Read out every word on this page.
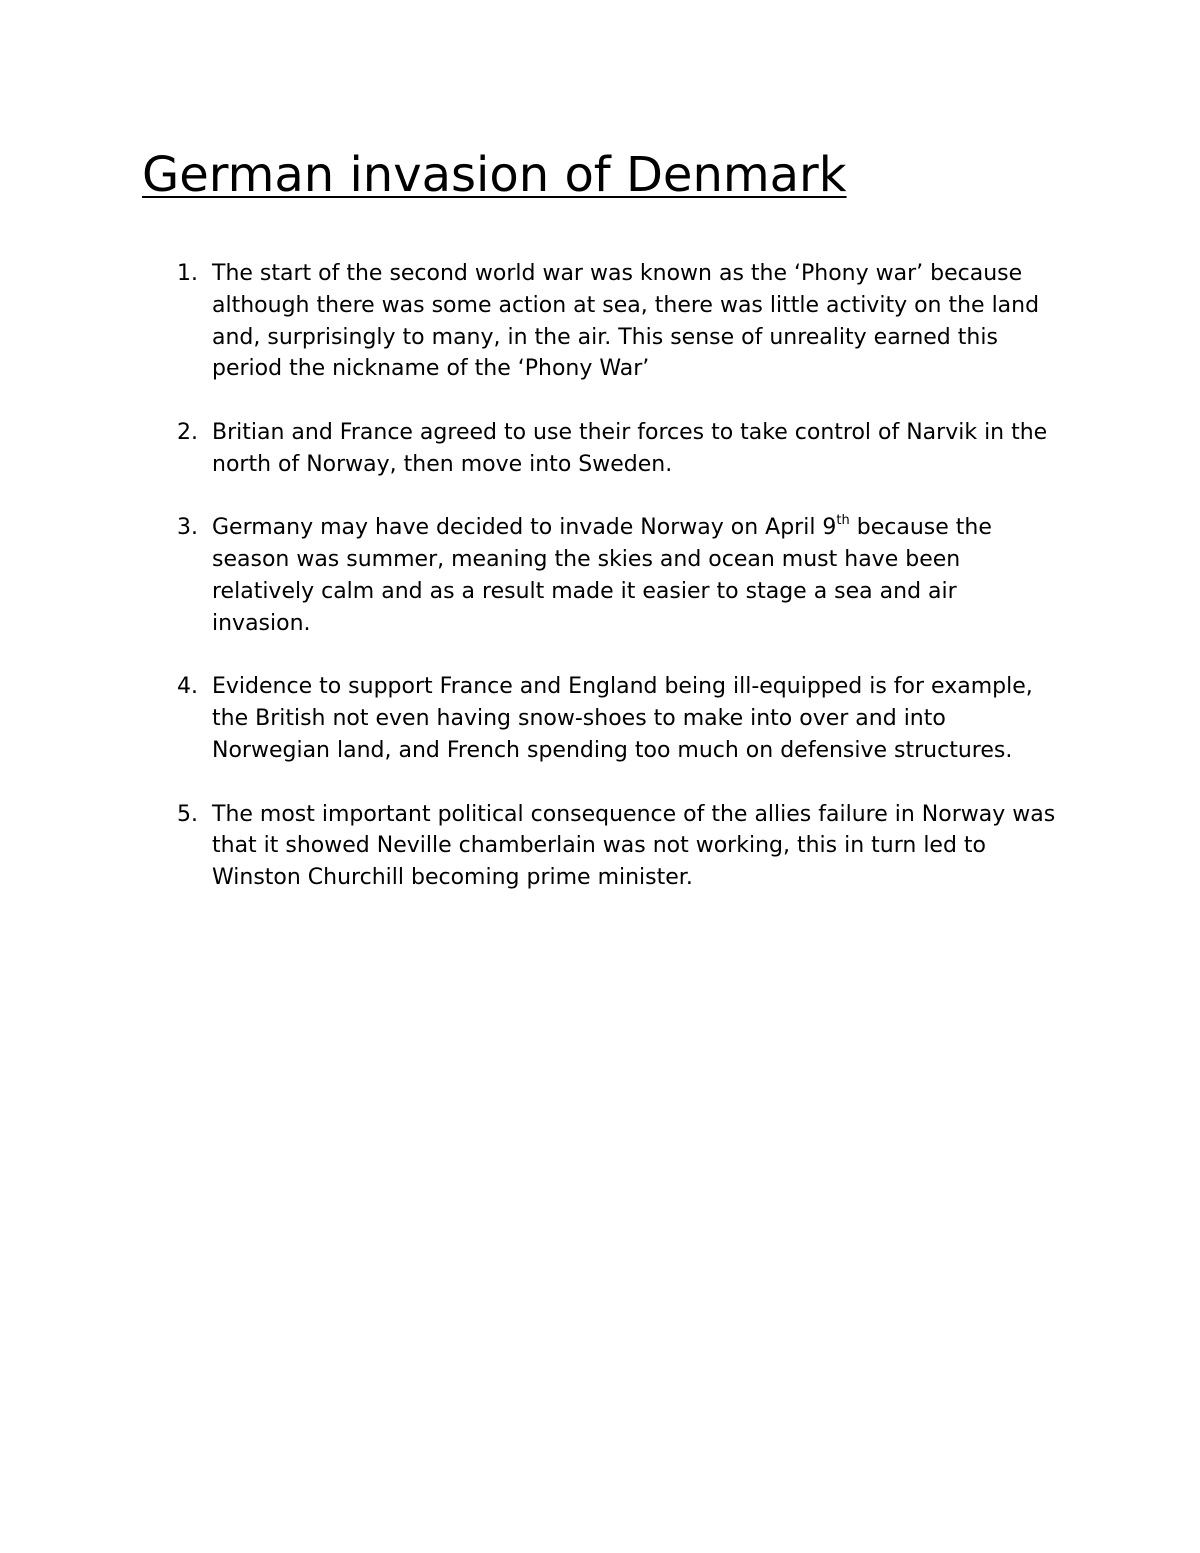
German invasion of Denmark
1. The start of the second world war was known as the ‘Phony war’ because although there was some action at sea, there was little activity on the land and, surprisingly to many, in the air. This sense of unreality earned this period the nickname of the ‘Phony War’
2. Britian and France agreed to use their forces to take control of Narvik in the north of Norway, then move into Sweden.
3. Germany may have decided to invade Norway on April 9th because the season was summer, meaning the skies and ocean must have been relatively calm and as a result made it easier to stage a sea and air invasion.
4. Evidence to support France and England being ill-equipped is for example, the British not even having snow-shoes to make into over and into Norwegian land, and French spending too much on defensive structures.
5. The most important political consequence of the allies failure in Norway was that it showed Neville chamberlain was not working, this in turn led to Winston Churchill becoming prime minister.
